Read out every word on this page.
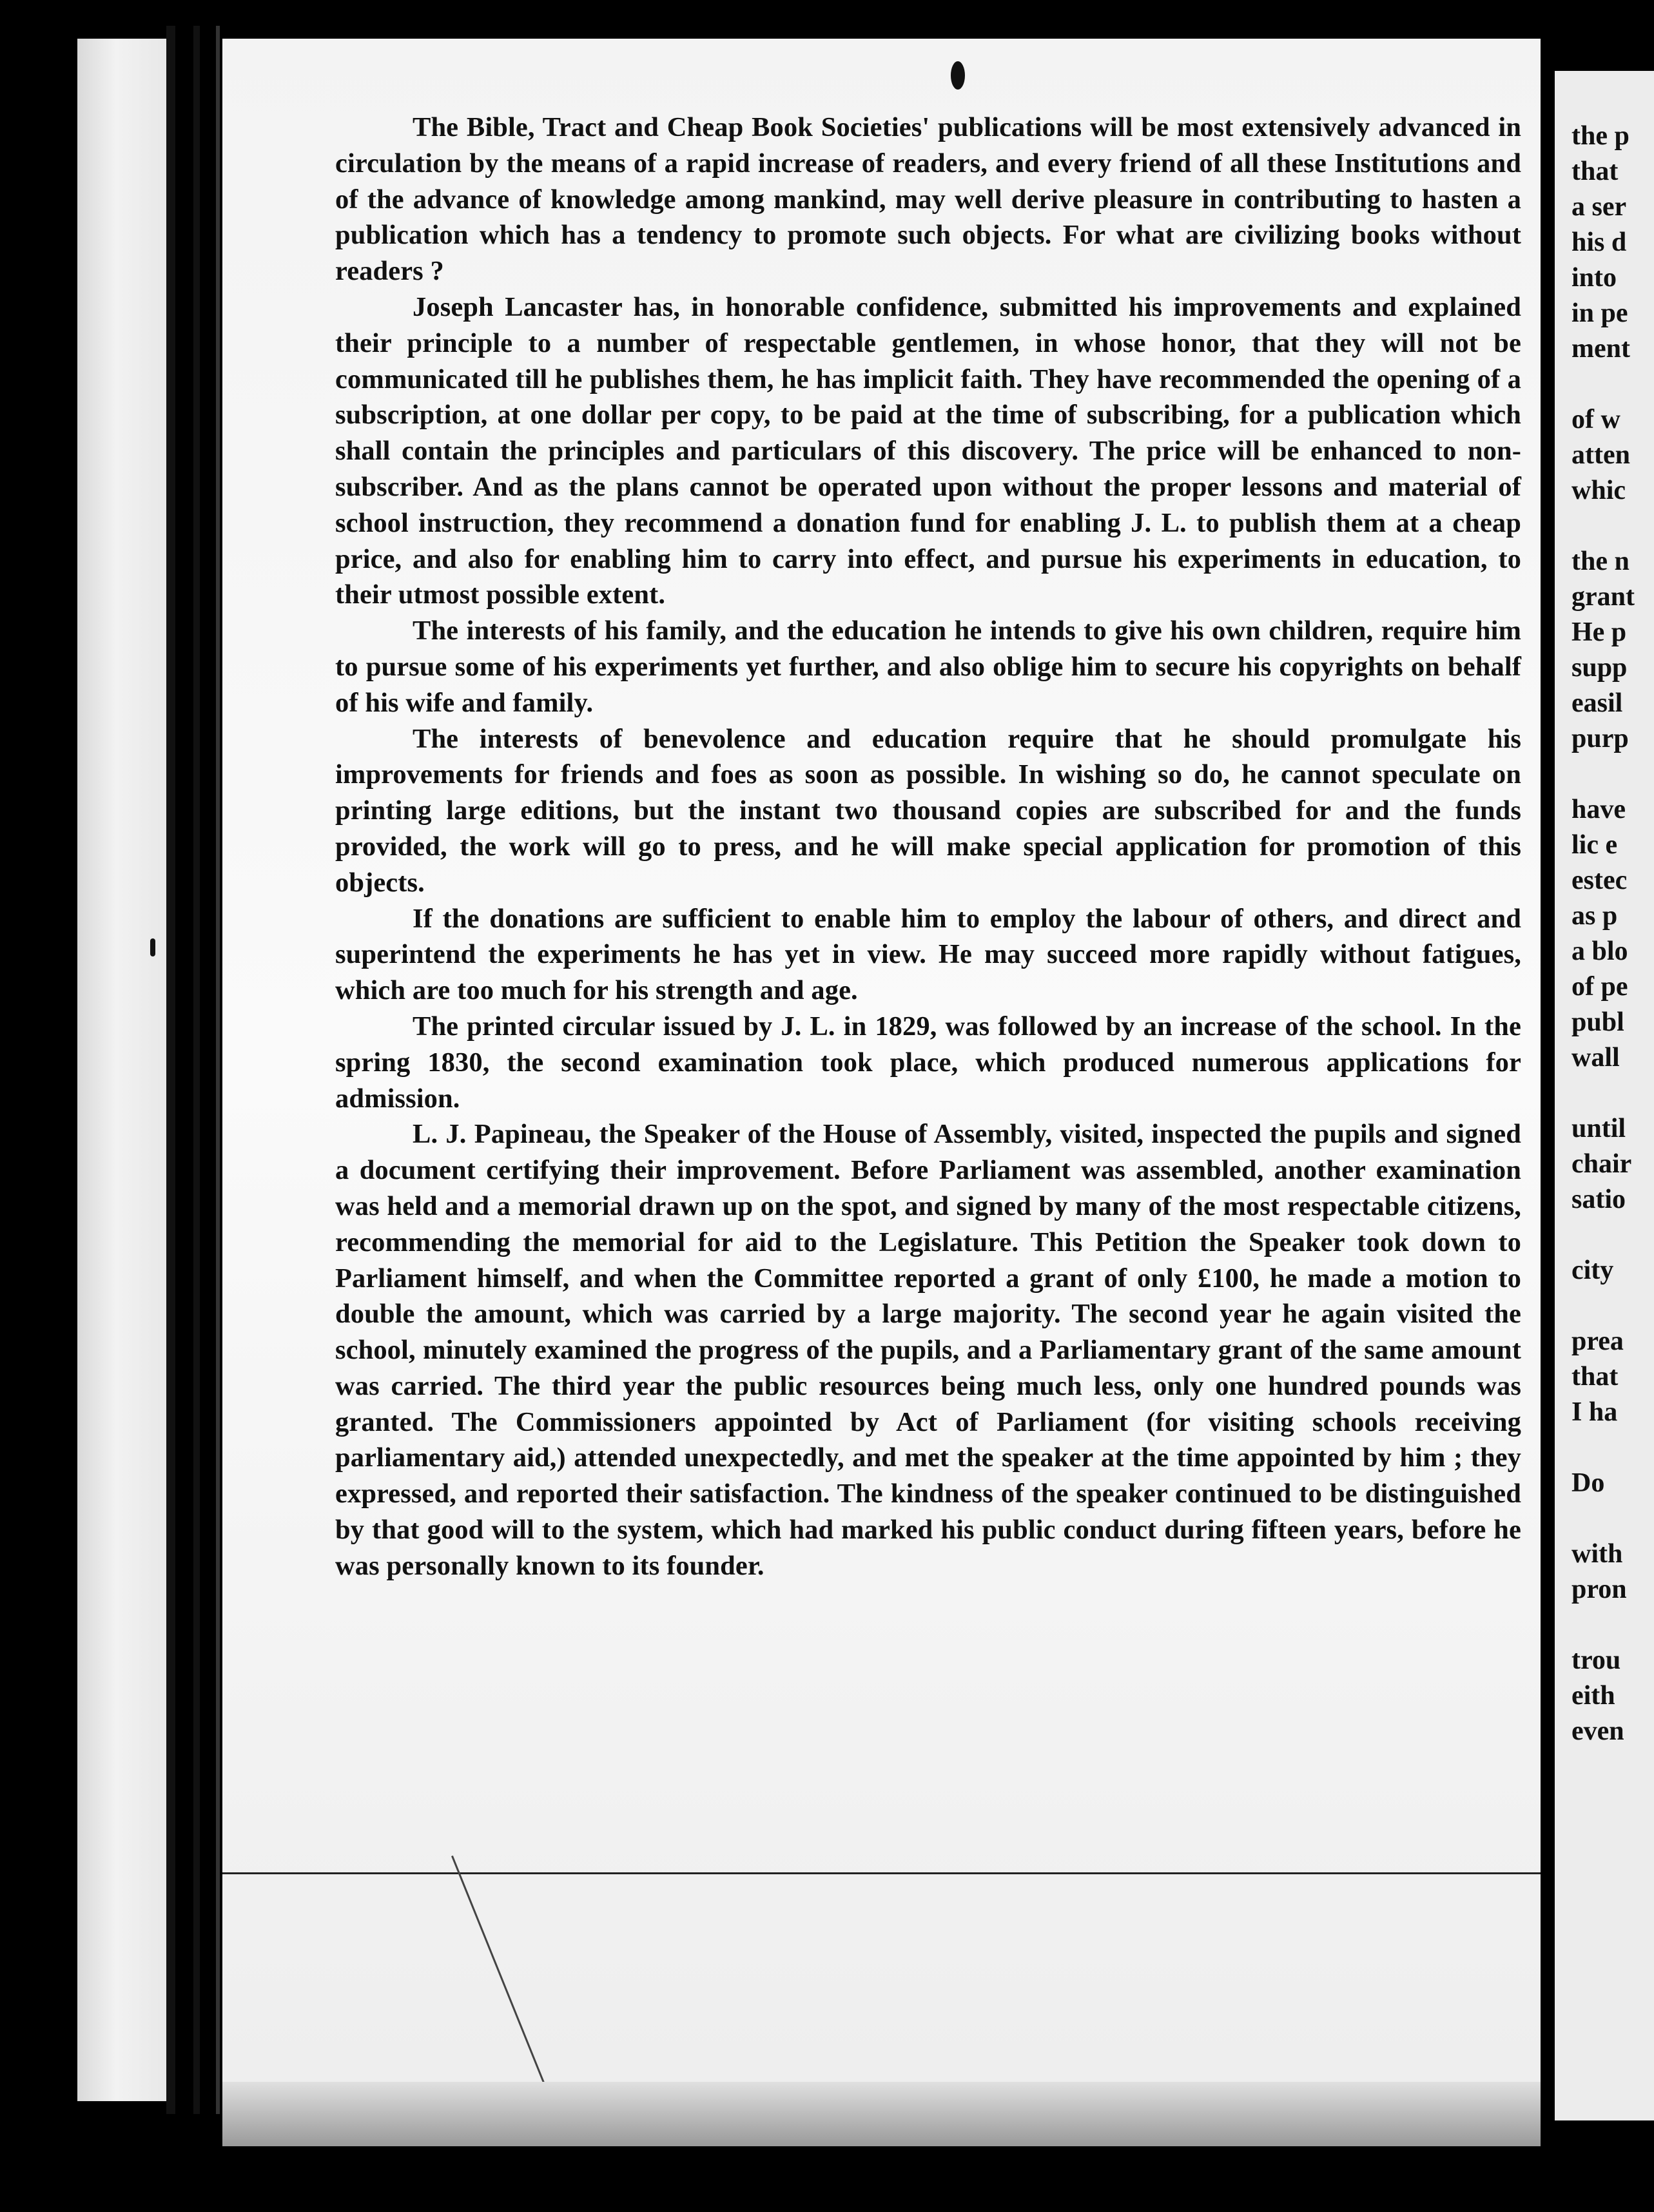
The Bible, Tract and Cheap Book Societies' publications will be most extensively advanced in circulation by the means of a rapid increase of readers, and every friend of all these Institutions and of the advance of knowledge among mankind, may well derive pleasure in contributing to hasten a publication which has a tendency to promote such objects. For what are civilizing books without readers ?

Joseph Lancaster has, in honorable confidence, submitted his improvements and explained their principle to a number of respectable gentlemen, in whose honor, that they will not be communicated till he publishes them, he has implicit faith. They have recommended the opening of a subscription, at one dollar per copy, to be paid at the time of subscribing, for a publication which shall contain the principles and particulars of this discovery. The price will be enhanced to non-subscriber. And as the plans cannot be operated upon without the proper lessons and material of school instruction, they recommend a donation fund for enabling J. L. to publish them at a cheap price, and also for enabling him to carry into effect, and pursue his experiments in education, to their utmost possible extent.

The interests of his family, and the education he intends to give his own children, require him to pursue some of his experiments yet further, and also oblige him to secure his copyrights on behalf of his wife and family.

The interests of benevolence and education require that he should promulgate his improvements for friends and foes as soon as possible. In wishing so do, he cannot speculate on printing large editions, but the instant two thousand copies are subscribed for and the funds provided, the work will go to press, and he will make special application for promotion of this objects.

If the donations are sufficient to enable him to employ the labour of others, and direct and superintend the experiments he has yet in view. He may succeed more rapidly without fatigues, which are too much for his strength and age.

The printed circular issued by J. L. in 1829, was followed by an increase of the school. In the spring 1830, the second examination took place, which produced numerous applications for admission.

L. J. Papineau, the Speaker of the House of Assembly, visited, inspected the pupils and signed a document certifying their improvement. Before Parliament was assembled, another examination was held and a memorial drawn up on the spot, and signed by many of the most respectable citizens, recommending the memorial for aid to the Legislature. This Petition the Speaker took down to Parliament himself, and when the Committee reported a grant of only £100, he made a motion to double the amount, which was carried by a large majority. The second year he again visited the school, minutely examined the progress of the pupils, and a Parliamentary grant of the same amount was carried. The third year the public resources being much less, only one hundred pounds was granted. The Commissioners appointed by Act of Parliament (for visiting schools receiving parliamentary aid,) attended unexpectedly, and met the speaker at the time appointed by him ; they expressed, and reported their satisfaction. The kindness of the speaker continued to be distinguished by that good will to the system, which had marked his public conduct during fifteen years, before he was personally known to its founder.

the p
that
a ser
his d
into
in pe
ment
of w
atten
whic
the n
grant
He p
supp
easil
purp
have
lic e
estec
as p
a blo
of pe
publ
wall
until
chair
satio
city
prea
that
I ha
Do
with
pron
trou
eith
even
